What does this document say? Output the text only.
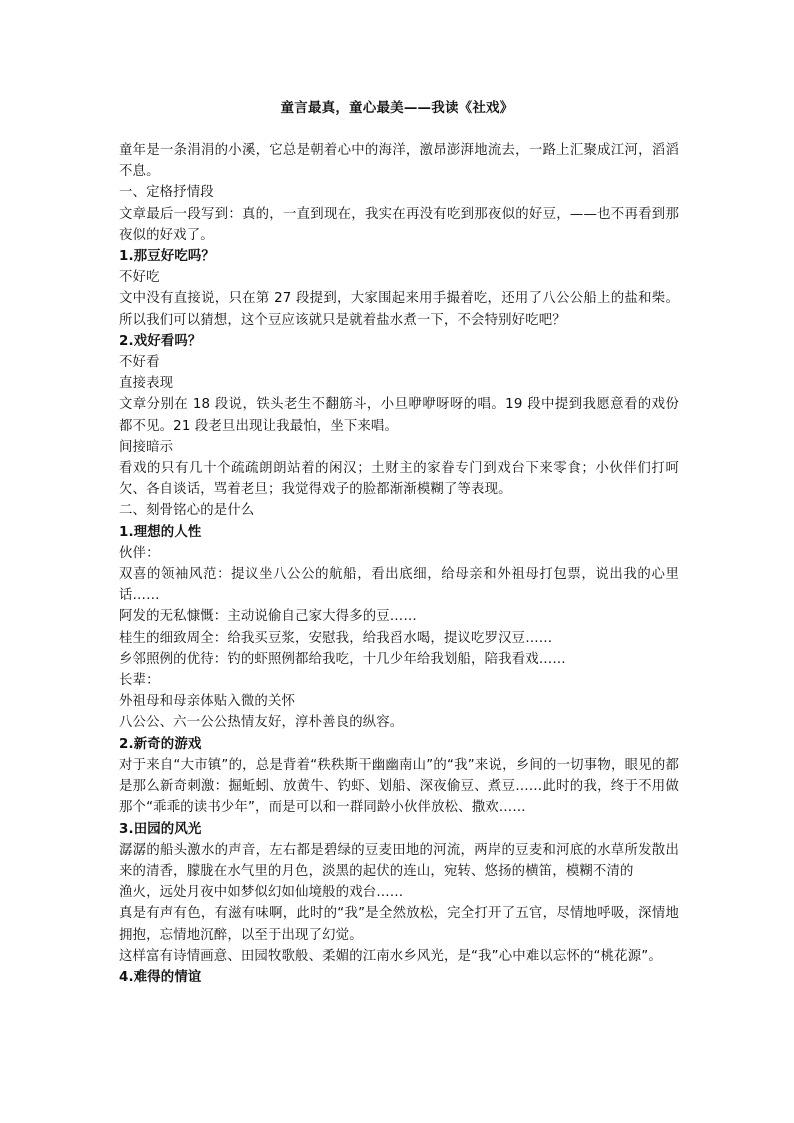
童言最真，童心最美——我读《社戏》

童年是一条涓涓的小溪，它总是朝着心中的海洋，激昂澎湃地流去，一路上汇聚成江河，滔滔不息。

一、定格抒情段

文章最后一段写到：真的，一直到现在，我实在再没有吃到那夜似的好豆，——也不再看到那夜似的好戏了。

1.那豆好吃吗？

不好吃

文中没有直接说，只在第 27 段提到，大家围起来用手撮着吃，还用了八公公船上的盐和柴。所以我们可以猜想，这个豆应该就只是就着盐水煮一下，不会特别好吃吧？

2.戏好看吗？

不好看

直接表现

文章分别在 18 段说，铁头老生不翻筋斗，小旦咿咿呀呀的唱。19 段中提到我愿意看的戏份都不见。21 段老旦出现让我最怕，坐下来唱。

间接暗示

看戏的只有几十个疏疏朗朗站着的闲汉；土财主的家眷专门到戏台下来零食；小伙伴们打呵欠、各自谈话，骂着老旦；我觉得戏子的脸都渐渐模糊了等表现。

二、刻骨铭心的是什么

1.理想的人性

伙伴：

双喜的领袖风范：提议坐八公公的航船，看出底细，给母亲和外祖母打包票，说出我的心里话……

阿发的无私慷慨：主动说偷自己家大得多的豆……

桂生的细致周全：给我买豆浆，安慰我，给我舀水喝，提议吃罗汉豆……

乡邻照例的优待：钓的虾照例都给我吃，十几少年给我划船，陪我看戏……

长辈：

外祖母和母亲体贴入微的关怀

八公公、六一公公热情友好，淳朴善良的纵容。

2.新奇的游戏

对于来自“大市镇”的，总是背着“秩秩斯干幽幽南山”的“我”来说，乡间的一切事物，眼见的都是那么新奇刺激：掘蚯蚓、放黄牛、钓虾、划船、深夜偷豆、煮豆……此时的我，终于不用做那个“乖乖的读书少年”，而是可以和一群同龄小伙伴放松、撒欢……

3.田园的风光

潺潺的船头激水的声音，左右都是碧绿的豆麦田地的河流，两岸的豆麦和河底的水草所发散出来的清香，朦胧在水气里的月色，淡黑的起伏的连山，宛转、悠扬的横笛，模糊不清的

渔火，远处月夜中如梦似幻如仙境般的戏台……

真是有声有色，有滋有味啊，此时的“我”是全然放松，完全打开了五官，尽情地呼吸，深情地拥抱，忘情地沉醉，以至于出现了幻觉。

这样富有诗情画意、田园牧歌般、柔媚的江南水乡风光，是“我”心中难以忘怀的“桃花源”。

4.难得的情谊
